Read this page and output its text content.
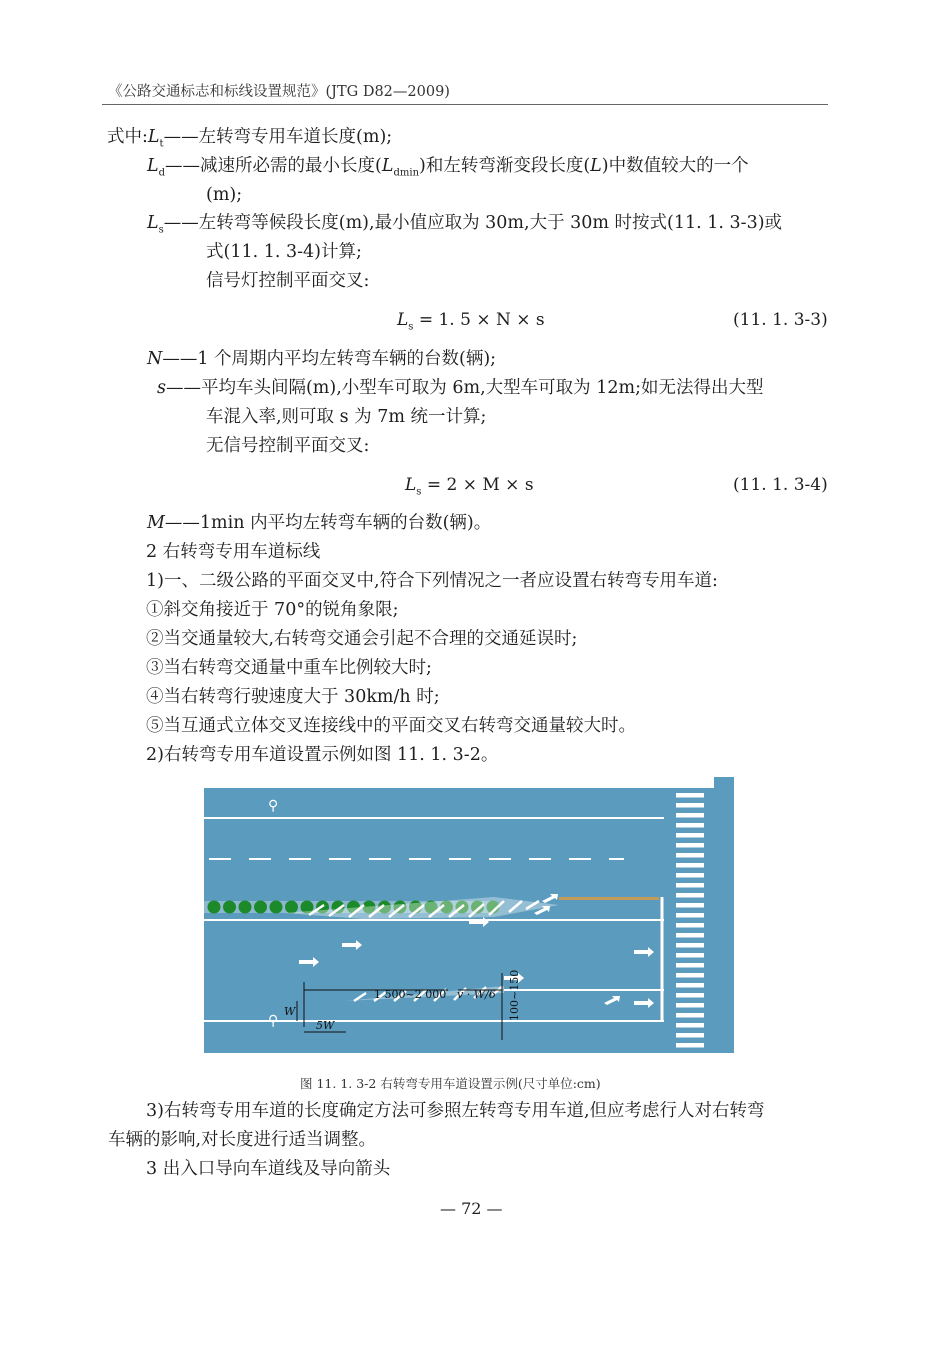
《公路交通标志和标线设置规范》(JTG D82—2009)
式中$:L_t——$左转弯专用车道长度(m);
$L_d——$减速所必需的最小长度$(L_{dmin})$和左转弯渐变段长度(L)中数值较大的一个
(m);
$L_s——$左转弯等候段长度(m),最小值应取为 30m,大于 30m 时按式(11. 1. 3-3)或
式(11. 1. 3-4)计算;
信号灯控制平面交叉:
$L_s = 1$. 5 × N × s	(11. 1. 3-3)
N——1 个周期内平均左转弯车辆的台数(辆);
s——平均车头间隔(m),小型车可取为 6m,大型车可取为 12m;如无法得出大型
车混入率,则可取 s 为 7m 统一计算;
无信号控制平面交叉:
$L_s = 2 \times M \times s$	(11. 1. 3-4)
M——1min 内平均左转弯车辆的台数(辆)。
2 右转弯专用车道标线
1)一、二级公路的平面交叉中,符合下列情况之一者应设置右转弯专用车道:
①斜交角接近于 70°的锐角象限;
②当交通量较大,右转弯交通会引起不合理的交通延误时;
③当右转弯交通量中重车比例较大时;
④当右转弯行驶速度大于 30km/h 时;
⑤当互通式立体交叉连接线中的平面交叉右转弯交通量较大时。
2)右转弯专用车道设置示例如图 11. 1. 3-2。
⚲
⚲
1 500~2 000 v · W/6 100~150
W
5W
图 11. 1. 3-2 右转弯专用车道设置示例(尺寸单位:cm)
3)右转弯专用车道的长度确定方法可参照左转弯专用车道,但应考虑行人对右转弯
车辆的影响,对长度进行适当调整。
3 出入口导向车道线及导向箭头
— 72 —
